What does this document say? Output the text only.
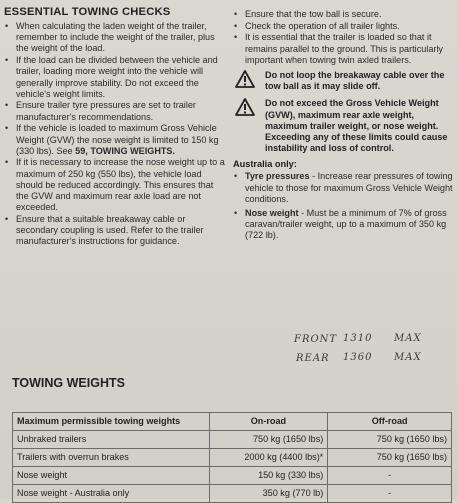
ESSENTIAL TOWING CHECKS
• When calculating the laden weight of the trailer, remember to include the weight of the trailer, plus the weight of the load.
• If the load can be divided between the vehicle and trailer, loading more weight into the vehicle will generally improve stability. Do not exceed the vehicle's weight limits.
• Ensure trailer tyre pressures are set to trailer manufacturer's recommendations.
• If the vehicle is loaded to maximum Gross Vehicle Weight (GVW) the nose weight is limited to 150 kg (330 lbs). See 59, TOWING WEIGHTS.
• If it is necessary to increase the nose weight up to a maximum of 250 kg (550 lbs), the vehicle load should be reduced accordingly. This ensures that the GVW and maximum rear axle load are not exceeded.
• Ensure that a suitable breakaway cable or secondary coupling is used. Refer to the trailer manufacturer's instructions for guidance.
• Ensure that the tow ball is secure.
• Check the operation of all trailer lights.
• It is essential that the trailer is loaded so that it remains parallel to the ground. This is particularly important when towing twin axled trailers.

Do not loop the breakaway cable over the tow ball as it may slide off.

Do not exceed the Gross Vehicle Weight (GVW), maximum rear axle weight, maximum trailer weight, or nose weight. Exceeding any of these limits could cause instability and loss of control.

Australia only:
• Tyre pressures - Increase rear pressures of towing vehicle to those for maximum Gross Vehicle Weight conditions.
• Nose weight - Must be a minimum of 7% of gross caravan/trailer weight, up to a maximum of 350 kg (722 lb).
FRONT 1310 MAX
REAR 1360 MAX
TOWING WEIGHTS
Maximum permissible towing weights	On-road	Off-road
Unbraked trailers	750 kg (1650 lbs)	750 kg (1650 lbs)
Trailers with overrun brakes	2000 kg (4400 lbs)*	750 kg (1650 lbs)
Nose weight	150 kg (330 lbs)	-
Nose weight - Australia only	350 kg (770 lb)	-
